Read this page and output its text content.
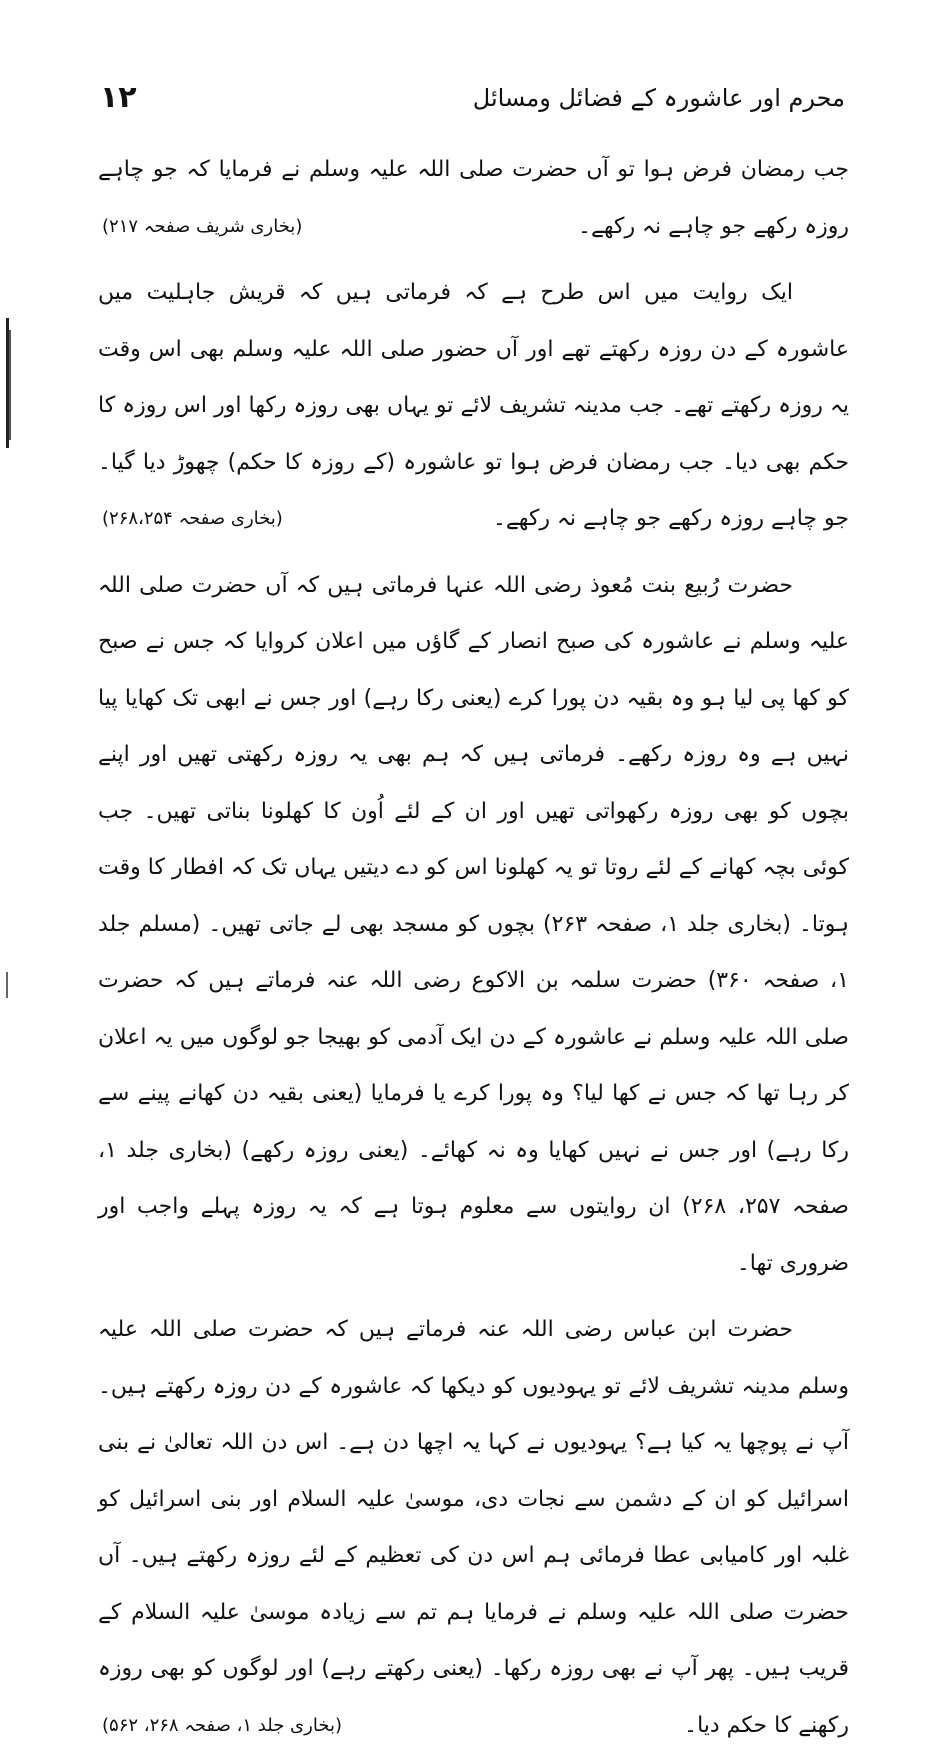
۱۲	محرم اور عاشورہ کے فضائل ومسائل

جب رمضان فرض ہوا تو آں حضرت صلی اللہ علیہ وسلم نے فرمایا کہ جو چاہے روزہ رکھے جو چاہے نہ رکھے۔
(بخاری شریف صفحہ ۲۱۷)

ایک روایت میں اس طرح ہے کہ فرماتی ہیں کہ قریش جاہلیت میں عاشورہ کے دن روزہ رکھتے تھے اور آں حضور صلی اللہ علیہ وسلم بھی اس وقت یہ روزہ رکھتے تھے۔ جب مدینہ تشریف لائے تو یہاں بھی روزہ رکھا اور اس روزہ کا حکم بھی دیا۔ جب رمضان فرض ہوا تو عاشورہ (کے روزہ کا حکم) چھوڑ دیا گیا۔ جو چاہے روزہ رکھے جو چاہے نہ رکھے۔
(بخاری صفحہ ۲۶۸،۲۵۴)

حضرت رُبیع بنت مُعوذ رضی اللہ عنہا فرماتی ہیں کہ آں حضرت صلی اللہ علیہ وسلم نے عاشورہ کی صبح انصار کے گاؤں میں اعلان کروایا کہ جس نے صبح کو کھا پی لیا ہو وہ بقیہ دن پورا کرے (یعنی رکا رہے) اور جس نے ابھی تک کھایا پیا نہیں ہے وہ روزہ رکھے۔ فرماتی ہیں کہ ہم بھی یہ روزہ رکھتی تھیں اور اپنے بچوں کو بھی روزہ رکھواتی تھیں اور ان کے لئے اُون کا کھلونا بناتی تھیں۔ جب کوئی بچہ کھانے کے لئے روتا تو یہ کھلونا اس کو دے دیتیں یہاں تک کہ افطار کا وقت ہوتا۔ (بخاری جلد ۱، صفحہ ۲۶۳) بچوں کو مسجد بھی لے جاتی تھیں۔ (مسلم جلد ۱، صفحہ ۳۶۰) حضرت سلمہ بن الاکوع رضی اللہ عنہ فرماتے ہیں کہ حضرت صلی اللہ علیہ وسلم نے عاشورہ کے دن ایک آدمی کو بھیجا جو لوگوں میں یہ اعلان کر رہا تھا کہ جس نے کھا لیا؟ وہ پورا کرے یا فرمایا (یعنی بقیہ دن کھانے پینے سے رکا رہے) اور جس نے نہیں کھایا وہ نہ کھائے۔ (یعنی روزہ رکھے) (بخاری جلد ۱، صفحہ ۲۵۷، ۲۶۸) ان روایتوں سے معلوم ہوتا ہے کہ یہ روزہ پہلے واجب اور ضروری تھا۔

حضرت ابن عباس رضی اللہ عنہ فرماتے ہیں کہ حضرت صلی اللہ علیہ وسلم مدینہ تشریف لائے تو یہودیوں کو دیکھا کہ عاشورہ کے دن روزہ رکھتے ہیں۔ آپ نے پوچھا یہ کیا ہے؟ یہودیوں نے کہا یہ اچھا دن ہے۔ اس دن اللہ تعالیٰ نے بنی اسرائیل کو ان کے دشمن سے نجات دی، موسیٰ علیہ السلام اور بنی اسرائیل کو غلبہ اور کامیابی عطا فرمائی ہم اس دن کی تعظیم کے لئے روزہ رکھتے ہیں۔ آں حضرت صلی اللہ علیہ وسلم نے فرمایا ہم تم سے زیادہ موسیٰ علیہ السلام کے قریب ہیں۔ پھر آپ نے بھی روزہ رکھا۔ (یعنی رکھتے رہے) اور لوگوں کو بھی روزہ رکھنے کا حکم دیا۔
(بخاری جلد ۱، صفحہ ۲۶۸، ۵۶۲)
